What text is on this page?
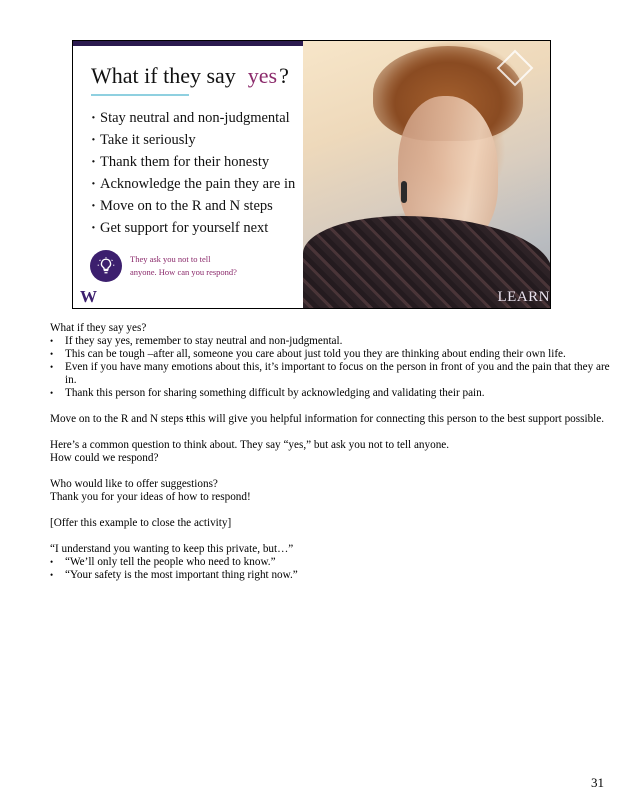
LEARN
What if they say yes?
· Stay neutral and non-judgmental
· Take it seriously
· Thank them for their honesty
· Acknowledge the pain they are in
· Move on to the R and N steps
· Get support for yourself next
They ask you not to tell
anyone. How can you respond?
W

What if they say yes?

• If they say yes, remember to stay neutral and non-judgmental.
• This can be tough –after all, someone you care about just told you they are thinking about ending their own life.
• Even if you have many emotions about this, it’s important to focus on the person in front of you and the pain that they are in.
• Thank this person for sharing something difficult by acknowledging and validating their pain.

Move on to the R and N steps tthis will give you helpful information for connecting this person to the best support possible.

Here’s a common question to think about. They say “yes,” but ask you not to tell anyone.

How could we respond?

Who would like to offer suggestions?

Thank you for your ideas of how to respond!

[Offer this example to close the activity]

“I understand you wanting to keep this private, but…”

• “We’ll only tell the people who need to know.”
• “Your safety is the most important thing right now.”
31
